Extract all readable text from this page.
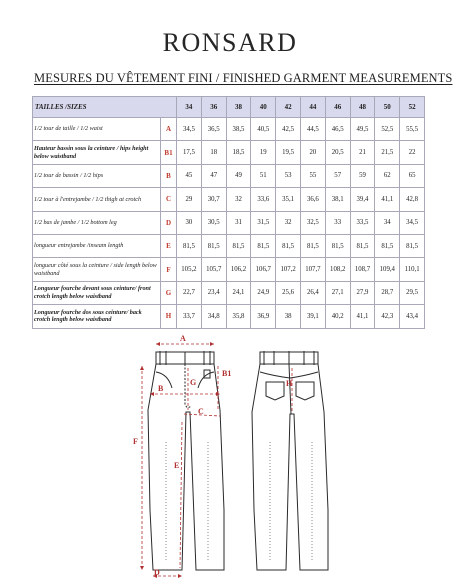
RONSARD
MESURES DU VÊTEMENT FINI / FINISHED GARMENT MEASUREMENTS
TAILLES /SIZES		34	36	38	40	42	44	46	48	50	52
1/2 tour de taille / 1/2 waist	A	34,5	36,5	38,5	40,5	42,5	44,5	46,5	49,5	52,5	55,5
Hauteur bassin sous la ceinture / hips height below waistband	B1	17,5	18	18,5	19	19,5	20	20,5	21	21,5	22
1/2 tour de bassin / 1/2 hips	B	45	47	49	51	53	55	57	59	62	65
1/2 tour à l'entrejambe / 1/2 thigh at crotch	C	29	30,7	32	33,6	35,1	36,6	38,1	39,4	41,1	42,8
1/2 bas de jambe / 1/2 bottom leg	D	30	30,5	31	31,5	32	32,5	33	33,5	34	34,5
longueur entrejambe /inseam length	E	81,5	81,5	81,5	81,5	81,5	81,5	81,5	81,5	81,5	81,5
longueur côté sous la ceinture / side length below waistband	F	105,2	105,7	106,2	106,7	107,2	107,7	108,2	108,7	109,4	110,1
Longueur fourche devant sous ceinture/ front crotch length below waistband	G	22,7	23,4	24,1	24,9	25,6	26,4	27,1	27,9	28,7	29,5
Longueur fourche dos sous ceinture/ back crotch length below waistband	H	33,7	34,8	35,8	36,9	38	39,1	40,2	41,1	42,3	43,4
A
B1
B
G
C
E
F
D
H
